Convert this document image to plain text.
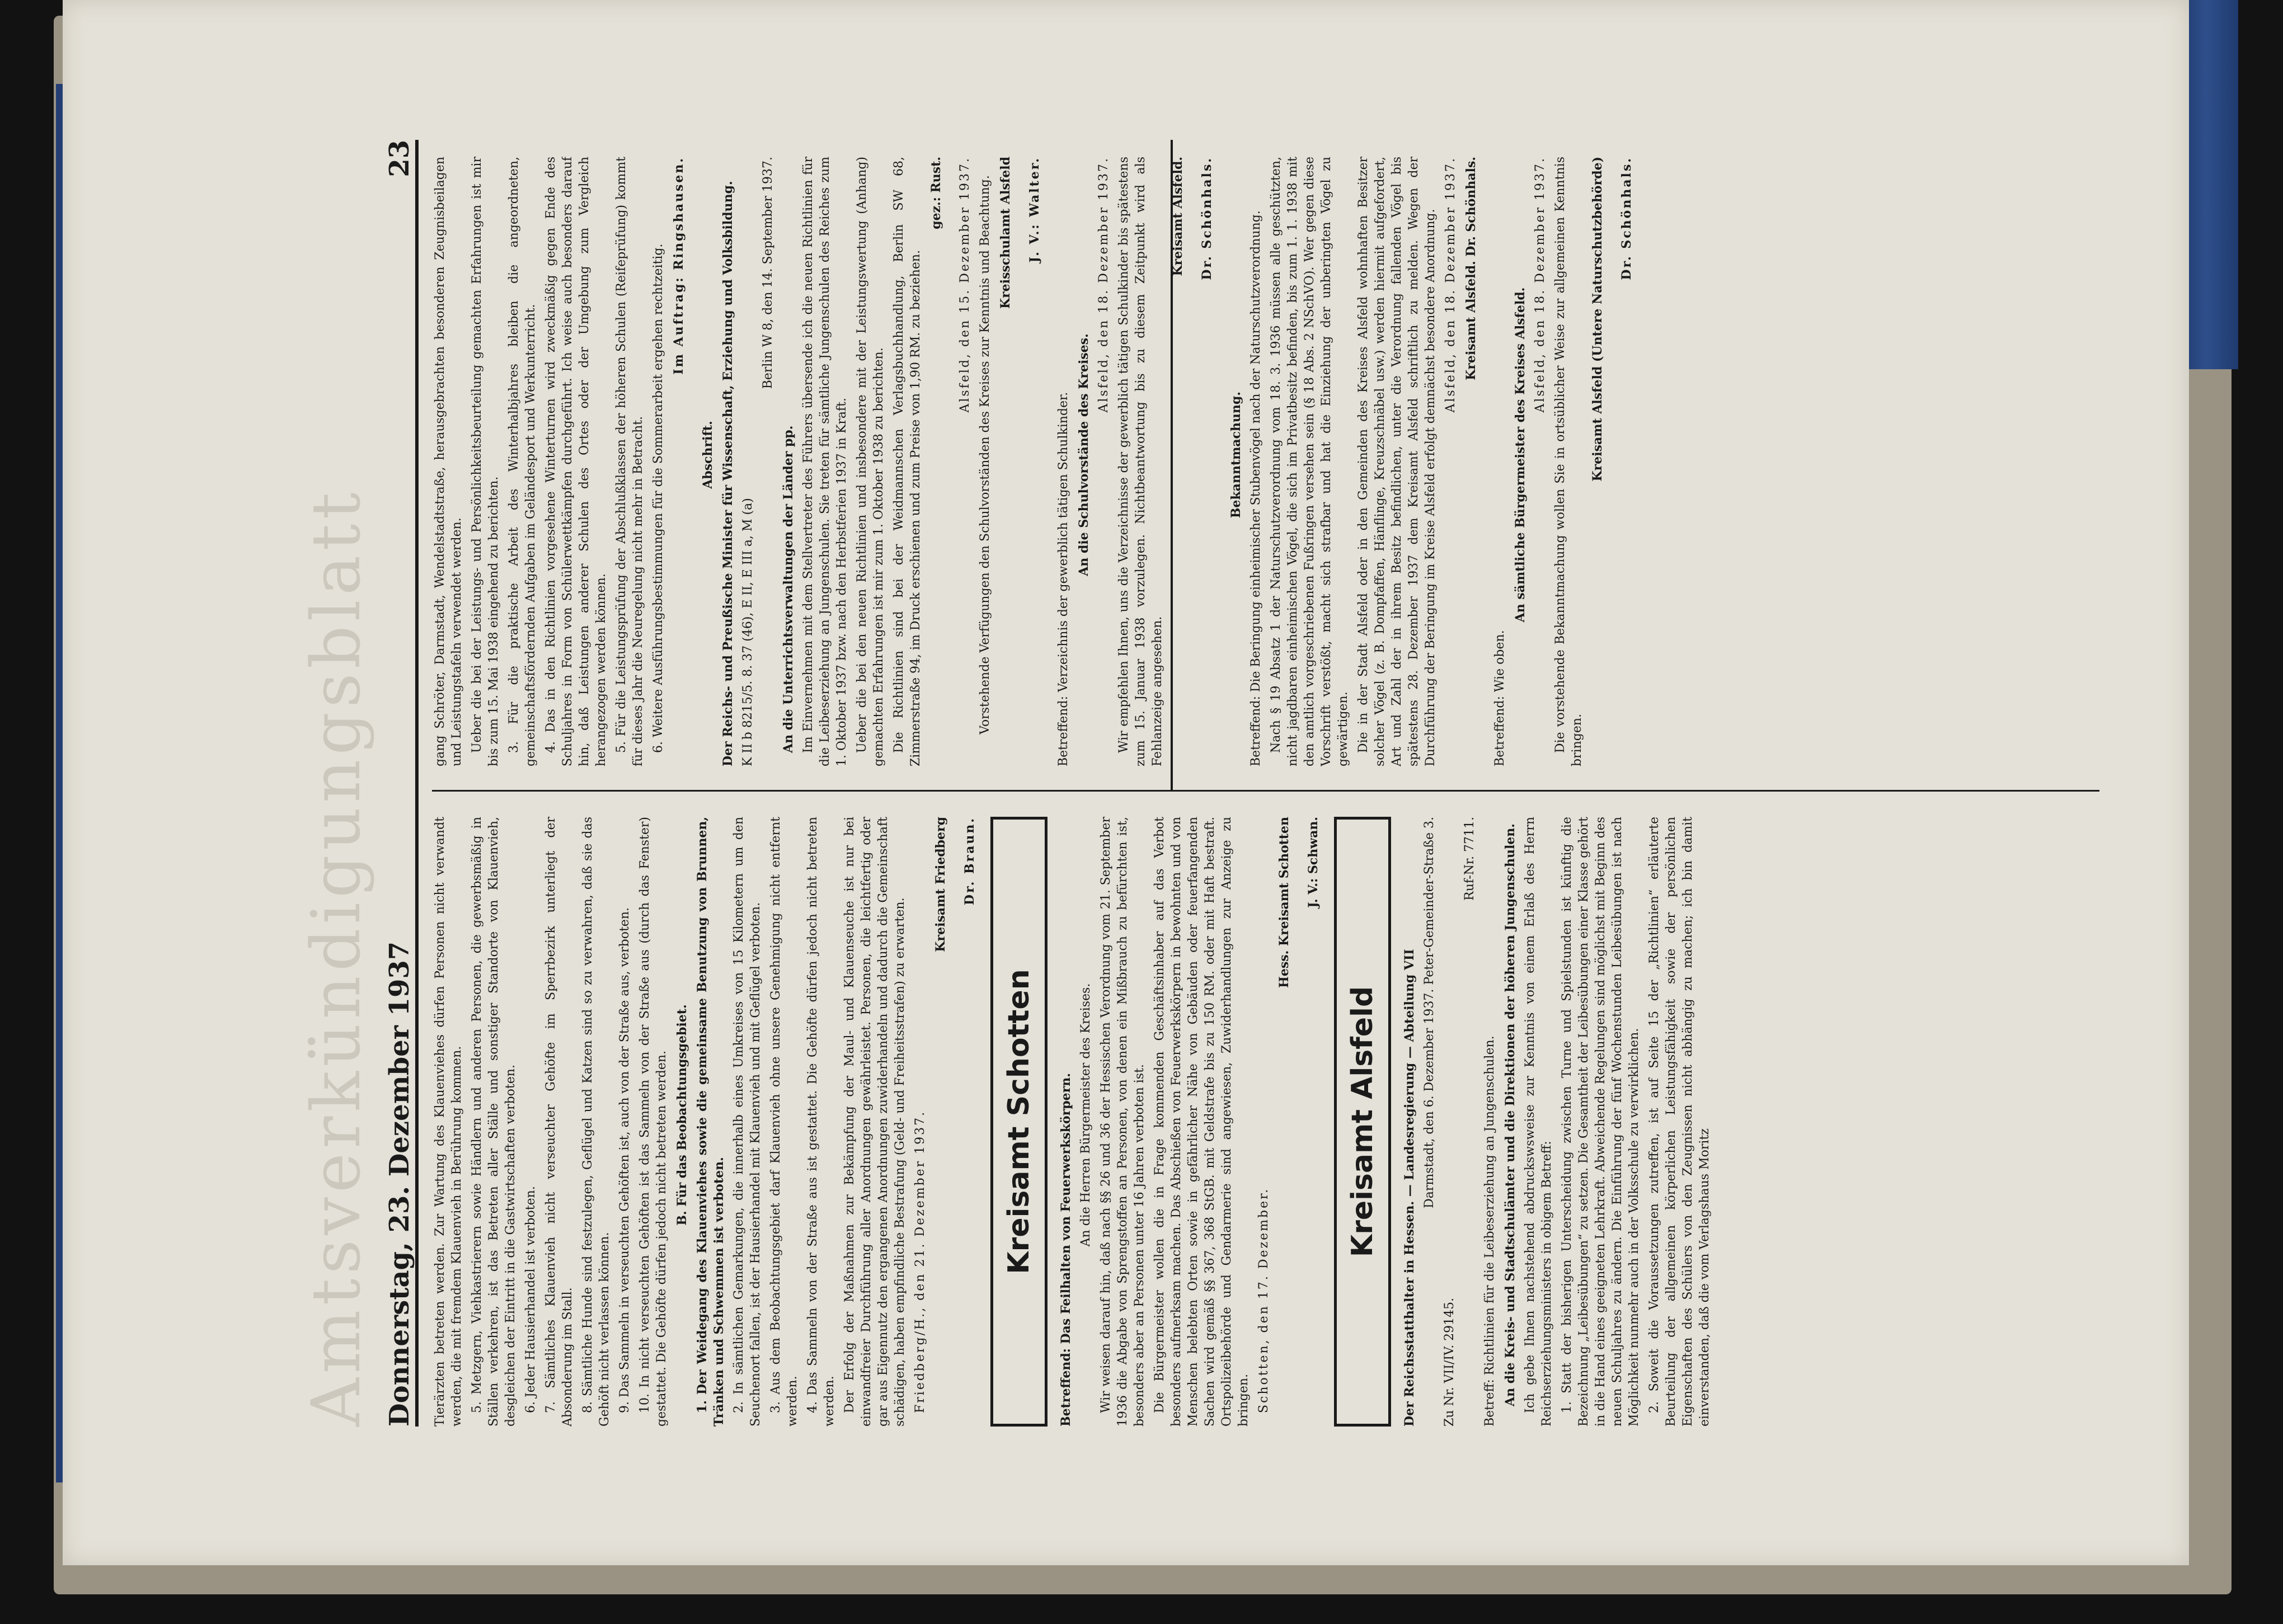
Amtsverkündigungsblatt Donnerstag, 23. Dezember 1937
23

Tierärzten betreten werden. Zur Wartung des Klauenviehes dürfen Personen nicht verwandt werden, die mit fremdem Klauenvieh in Berührung kommen. 5. Metzgern, Viehkastrierern sowie Händlern und anderen Personen, die gewerbsmäßig in Ställen verkehren, ist das Betreten aller Ställe und sonstiger Standorte von Klauenvieh, desgleichen der Eintritt in die Gastwirtschaften verboten. 6. Jeder Hausierhandel ist verboten. 7. Sämtliches Klauenvieh nicht verseuchter Gehöfte im Sperrbezirk unterliegt der Absonderung im Stall. 8. Sämtliche Hunde sind festzulegen, Geflügel und Katzen sind so zu verwahren, daß sie das Gehöft nicht verlassen können. 9. Das Sammeln in verseuchten Gehöften ist, auch von der Straße aus, verboten. 10. In nicht verseuchten Gehöften ist das Sammeln von der Straße aus (durch das Fenster) gestattet. Die Gehöfte dürfen jedoch nicht betreten werden. B. Für das Beobachtungsgebiet. 1. Der Weidegang des Klauenviehes sowie die gemeinsame Benutzung von Brunnen, Tränken und Schwemmen ist verboten. 2. In sämtlichen Gemarkungen, die innerhalb eines Umkreises von 15 Kilometern um den Seuchenort fallen, ist der Hausierhandel mit Klauenvieh und mit Geflügel verboten. 3. Aus dem Beobachtungsgebiet darf Klauenvieh ohne unsere Genehmigung nicht entfernt werden. 4. Das Sammeln von der Straße aus ist gestattet. Die Gehöfte dürfen jedoch nicht betreten werden. Der Erfolg der Maßnahmen zur Bekämpfung der Maul- und Klauenseuche ist nur bei einwandfreier Durchführung aller Anordnungen gewährleistet. Personen, die leichtfertig oder gar aus Eigennutz den ergangenen Anordnungen zuwiderhandeln und dadurch die Gemeinschaft schädigen, haben empfindliche Bestrafung (Geld- und Freiheitsstrafen) zu erwarten. Friedberg/H., den 21. Dezember 1937.

Kreisamt Friedberg Dr. Braun.

Kreisamt Schotten	Betreffend: Das Feilhalten von Feuerwerkskörpern. An die Herren Bürgermeister des Kreises. Wir weisen darauf hin, daß nach §§ 26 und 36 der Hessischen Verordnung vom 21. September 1936 die Abgabe von Sprengstoffen an Personen, von denen ein Mißbrauch zu befürchten ist, besonders aber an Personen unter 16 Jahren verboten ist. Die Bürgermeister wollen die in Frage kommenden Geschäftsinhaber auf das Verbot besonders aufmerksam machen. Das Abschießen von Feuerwerkskörpern in bewohnten und von Menschen belebten Orten sowie in gefährlicher Nähe von Gebäuden oder feuerfangenden Sachen wird gemäß §§ 367, 368 StGB. mit Geldstrafe bis zu 150 RM. oder mit Haft bestraft. Ortspolizeibehörde und Gendarmerie sind angewiesen, Zuwiderhandlungen zur Anzeige zu bringen. Schotten, den 17. Dezember.

Hess. Kreisamt Schotten J. V.: Schwan.

Kreisamt Alsfeld	Der Reichsstatthalter in Hessen. — Landesregierung — Abteilung VII Darmstadt, den 6. Dezember 1937. Peter-Gemeinder-Straße 3.

Zu Nr. VII/IV. 29145.

Ruf-Nr. 7711.

Betreff: Richtlinien für die Leibeserziehung an Jungenschulen. An die Kreis- und Stadtschulämter und die Direktionen der höheren Jungenschulen. Ich gebe Ihnen nachstehend abdruckswsweise zur Kenntnis von einem Erlaß des Herrn Reichserziehungsministers in obigem Betreff: 1. Statt der bisherigen Unterscheidung zwischen Turne und Spielstunden ist künftig die Bezeichnung „Leibesübungen“ zu setzen. Die Gesamtheit der Leibesübungen einer Klasse gehört in die Hand eines geeigneten Lehrkraft. Abweichende Regelungen sind möglichst mit Beginn des neuen Schuljahres zu ändern. Die Einführung der fünf Wochenstunden Leibesübungen ist nach Möglichkeit nunmehr auch in der Volksschule zu verwirklichen. 2. Soweit die Voraussetzungen zutreffen, ist auf Seite 15 der „Richtlinien“ erläuterte Beurteilung der allgemeinen körperlichen Leistungsfähigkeit sowie der persönlichen Eigenschaften des Schülers von den Zeugnissen nicht abhängig zu machen; ich bin damit einverstanden, daß die vom Verlagshaus Moritz

gang Schröter, Darmstadt, Wendelstadtstraße, herausgebrachten besonderen Zeugnisbeilagen und Leistungstafeln verwendet werden. Ueber die bei der Leistungs- und Persönlichkeitsbeurteilung gemachten Erfahrungen ist mir bis zum 15. Mai 1938 eingehend zu berichten. 3. Für die praktische Arbeit des Winterhalbjahres bleiben die angeordneten, gemeinschaftsfördernden Aufgaben im Geländesport und Werkunterricht. 4. Das in den Richtlinien vorgesehene Winterturnen wird zweckmäßig gegen Ende des Schuljahres in Form von Schülerwettkämpfen durchgeführt. Ich weise auch besonders darauf hin, daß Leistungen anderer Schulen des Ortes oder der Umgebung zum Vergleich herangezogen werden können. 5. Für die Leistungsprüfung der Abschlußklassen der höheren Schulen (Reifeprüfung) kommt für dieses Jahr die Neuregelung nicht mehr in Betracht. 6. Weitere Ausführungsbestimmungen für die Sommerarbeit ergehen rechtzeitig. Im Auftrag: Ringshausen.

Abschrift. Der Reichs- und Preußische Minister für Wissenschaft, Erziehung und Volksbildung. K II b 8215/5. 8. 37 (46), E II, E III a, M (a)

Berlin W 8, den 14. September 1937.

An die Unterrichtsverwaltungen der Länder pp. Im Einvernehmen mit dem Stellvertreter des Führers übersende ich die neuen Richtlinien für die Leibeserziehung an Jungenschulen. Sie treten für sämtliche Jungenschulen des Reiches zum 1. Oktober 1937 bzw. nach den Herbstferien 1937 in Kraft. Ueber die bei den neuen Richtlinien und insbesondere mit der Leistungswertung (Anhang) gemachten Erfahrungen ist mir zum 1. Oktober 1938 zu berichten. Die Richtlinien sind bei der Weidmannschen Verlagsbuchhandlung, Berlin SW 68, Zimmerstraße 94, im Druck erschienen und zum Preise von 1,90 RM. zu beziehen.

gez.: Rust. Alsfeld, den 15. Dezember 1937. Vorstehende Verfügungen den Schulvorständen des Kreises zur Kenntnis und Beachtung. Kreisschulamt Alsfeld J. V.: Walter.

Betreffend: Verzeichnis der gewerblich tätigen Schulkinder. An die Schulvorstände des Kreises.

Alsfeld, den 18. Dezember 1937. Wir empfehlen Ihnen, uns die Verzeichnisse der gewerblich tätigen Schulkinder bis spätestens zum 15. Januar 1938 vorzulegen. Nichtbeantwortung bis zu diesem Zeitpunkt wird als Fehlanzeige angesehen.

Kreisamt Alsfeld. Dr. Schönhals.

Bekanntmachung. Betreffend: Die Beringung einheimischer Stubenvögel nach der Naturschutzverordnung. Nach § 19 Absatz 1 der Naturschutzverordnung vom 18. 3. 1936 müssen alle geschützten, nicht jagdbaren einheimischen Vögel, die sich im Privatbesitz befinden, bis zum 1. 1. 1938 mit den amtlich vorgeschriebenen Fußringen versehen sein (§ 18 Abs. 2 NSchVO). Wer gegen diese Vorschrift verstößt, macht sich strafbar und hat die Einziehung der unberingten Vögel zu gewärtigen. Die in der Stadt Alsfeld oder in den Gemeinden des Kreises Alsfeld wohnhaften Besitzer solcher Vögel (z. B. Dompfaffen, Hänflinge, Kreuzschnäbel usw.) werden hiermit aufgefordert, Art und Zahl der in ihrem Besitz befindlichen, unter die Verordnung fallenden Vögel bis spätestens 28. Dezember 1937 dem Kreisamt Alsfeld schriftlich zu melden. Wegen der Durchführung der Beringung im Kreise Alsfeld erfolgt demnächst besondere Anordnung. Alsfeld, den 18. Dezember 1937. Kreisamt Alsfeld. Dr. Schönhals.

Betreffend: Wie oben.

An sämtliche Bürgermeister des Kreises Alsfeld.

Alsfeld, den 18. Dezember 1937. Die vorstehende Bekanntmachung wollen Sie in ortsüblicher Weise zur allgemeinen Kenntnis bringen.

Kreisamt Alsfeld (Untere Naturschutzbehörde) Dr. Schönhals.
